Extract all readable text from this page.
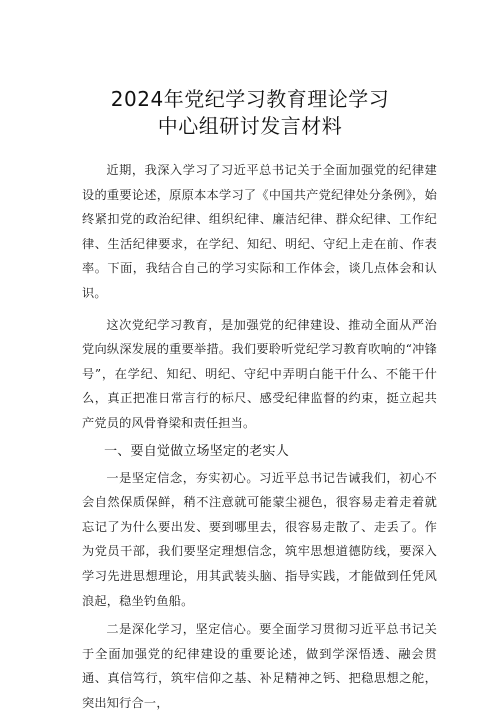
2024年党纪学习教育理论学习
中心组研讨发言材料

近期，我深入学习了习近平总书记关于全面加强党的纪律建设的重要论述，原原本本学习了《中国共产党纪律处分条例》，始终紧扣党的政治纪律、组织纪律、廉洁纪律、群众纪律、工作纪律、生活纪律要求，在学纪、知纪、明纪、守纪上走在前、作表率。下面，我结合自己的学习实际和工作体会，谈几点体会和认识。

这次党纪学习教育，是加强党的纪律建设、推动全面从严治党向纵深发展的重要举措。我们要聆听党纪学习教育吹响的“冲锋号”，在学纪、知纪、明纪、守纪中弄明白能干什么、不能干什么，真正把准日常言行的标尺、感受纪律监督的约束，挺立起共产党员的风骨脊梁和责任担当。

一、要自觉做立场坚定的老实人

一是坚定信念，夯实初心。习近平总书记告诫我们，初心不会自然保质保鲜，稍不注意就可能蒙尘褪色，很容易走着走着就忘记了为什么要出发、要到哪里去，很容易走散了、走丢了。作为党员干部，我们要坚定理想信念，筑牢思想道德防线，要深入学习先进思想理论，用其武装头脑、指导实践，才能做到任凭风浪起，稳坐钓鱼船。

二是深化学习，坚定信心。要全面学习贯彻习近平总书记关于全面加强党的纪律建设的重要论述，做到学深悟透、融会贯通、真信笃行，筑牢信仰之基、补足精神之钙、把稳思想之舵，突出知行合一，
